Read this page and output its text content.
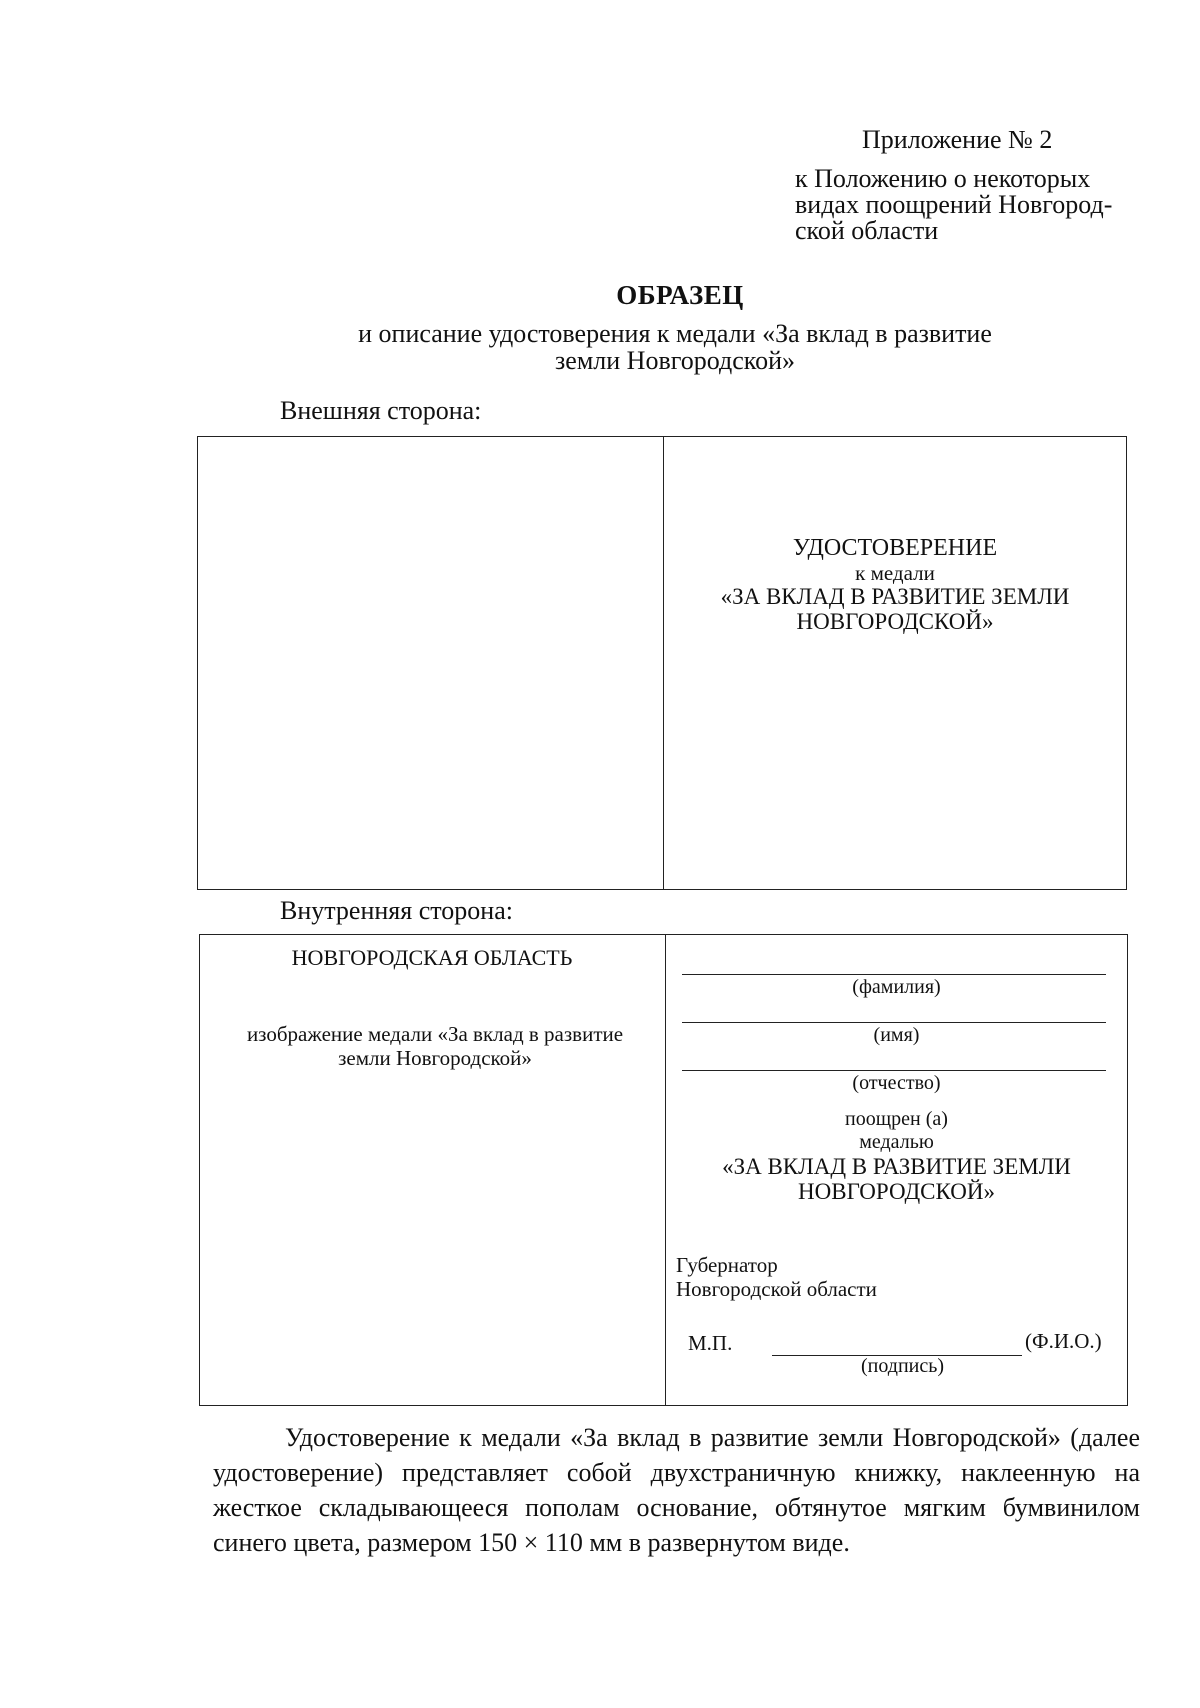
Приложение № 2
к Положению о некоторых
видах поощрений Новгород-
ской области
ОБРАЗЕЦ
и описание удостоверения к медали «За вклад в развитие
земли Новгородской»
Внешняя сторона:
УДОСТОВЕРЕНИЕ
к медали
«ЗА ВКЛАД В РАЗВИТИЕ ЗЕМЛИ
НОВГОРОДСКОЙ»
Внутренняя сторона:
НОВГОРОДСКАЯ ОБЛАСТЬ
изображение медали «За вклад в развитие
земли Новгородской»
(фамилия)
(имя)
(отчество)
поощрен (а)
медалью
«ЗА ВКЛАД В РАЗВИТИЕ ЗЕМЛИ
НОВГОРОДСКОЙ»
Губернатор
Новгородской области
М.П.	(Ф.И.О.)
(подпись)
Удостоверение к медали «За вклад в развитие земли Новгородской» (далее удостоверение) представляет собой двухстраничную книжку, наклеенную на жесткое складывающееся пополам основание, обтянутое мягким бумвинилом синего цвета, размером 150 × 110 мм в развернутом виде.
